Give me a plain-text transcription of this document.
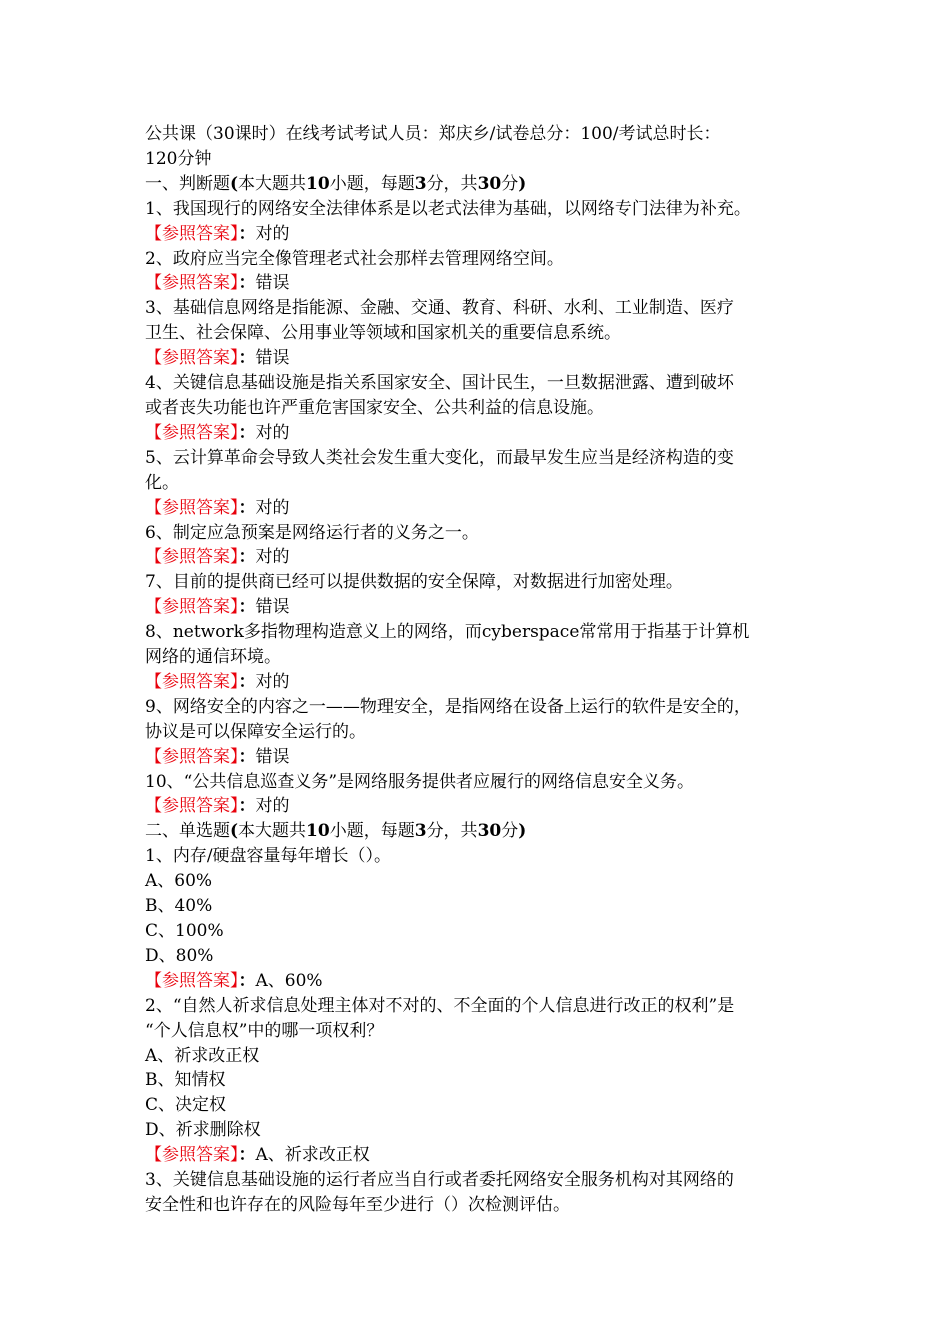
公共课（30课时）在线考试考试人员：郑庆乡/试卷总分：100/考试总时长：

120分钟

一、判断题(本大题共10小题，每题3分，共30分)

1、我国现行的网络安全法律体系是以老式法律为基础，以网络专门法律为补充。

【参照答案】：对的

2、政府应当完全像管理老式社会那样去管理网络空间。

【参照答案】：错误

3、基础信息网络是指能源、金融、交通、教育、科研、水利、工业制造、医疗

卫生、社会保障、公用事业等领域和国家机关的重要信息系统。

【参照答案】：错误

4、关键信息基础设施是指关系国家安全、国计民生，一旦数据泄露、遭到破坏

或者丧失功能也许严重危害国家安全、公共利益的信息设施。

【参照答案】：对的

5、云计算革命会导致人类社会发生重大变化，而最早发生应当是经济构造的变

化。

【参照答案】：对的

6、制定应急预案是网络运行者的义务之一。

【参照答案】：对的

7、目前的提供商已经可以提供数据的安全保障，对数据进行加密处理。

【参照答案】：错误

8、network多指物理构造意义上的网络，而cyberspace常常用于指基于计算机

网络的通信环境。

【参照答案】：对的

9、网络安全的内容之一——物理安全，是指网络在设备上运行的软件是安全的，

协议是可以保障安全运行的。

【参照答案】：错误

10、“公共信息巡查义务”是网络服务提供者应履行的网络信息安全义务。

【参照答案】：对的

二、单选题(本大题共10小题，每题3分，共30分)

1、内存/硬盘容量每年增长（）。

A、60%

B、40%

C、100%

D、80%

【参照答案】：A、60%

2、“自然人祈求信息处理主体对不对的、不全面的个人信息进行改正的权利”是

“个人信息权”中的哪一项权利？

A、祈求改正权

B、知情权

C、决定权

D、祈求删除权

【参照答案】：A、祈求改正权

3、关键信息基础设施的运行者应当自行或者委托网络安全服务机构对其网络的

安全性和也许存在的风险每年至少进行（）次检测评估。
